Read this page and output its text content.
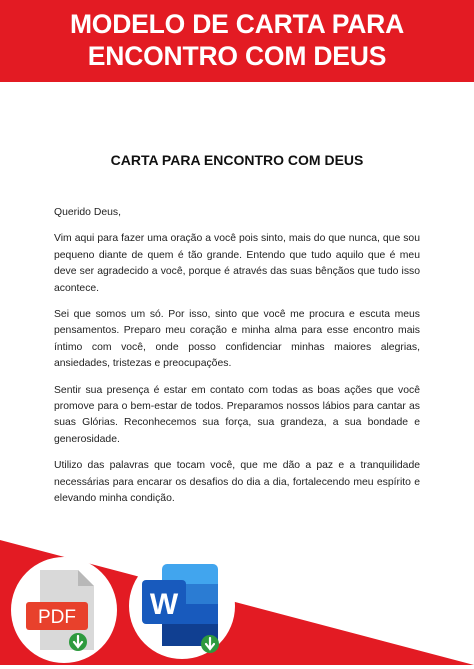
MODELO DE CARTA PARA
ENCONTRO COM DEUS
CARTA PARA ENCONTRO COM DEUS

Querido Deus,

Vim aqui para fazer uma oração a você pois sinto, mais do que nunca, que sou pequeno diante de quem é tão grande. Entendo que tudo aquilo que é meu deve ser agradecido a você, porque é através das suas bênçãos que tudo isso acontece.

Sei que somos um só. Por isso, sinto que você me procura e escuta meus pensamentos. Preparo meu coração e minha alma para esse encontro mais íntimo com você, onde posso confidenciar minhas maiores alegrias, ansiedades, tristezas e preocupações.

Sentir sua presença é estar em contato com todas as boas ações que você promove para o bem-estar de todos. Preparamos nossos lábios para cantar as suas Glórias. Reconhecemos sua força, sua grandeza, a sua bondade e generosidade.

Utilizo das palavras que tocam você, que me dão a paz e a tranquilidade necessárias para encarar os desafios do dia a dia, fortalecendo meu espírito e elevando minha condição.

PDF W
